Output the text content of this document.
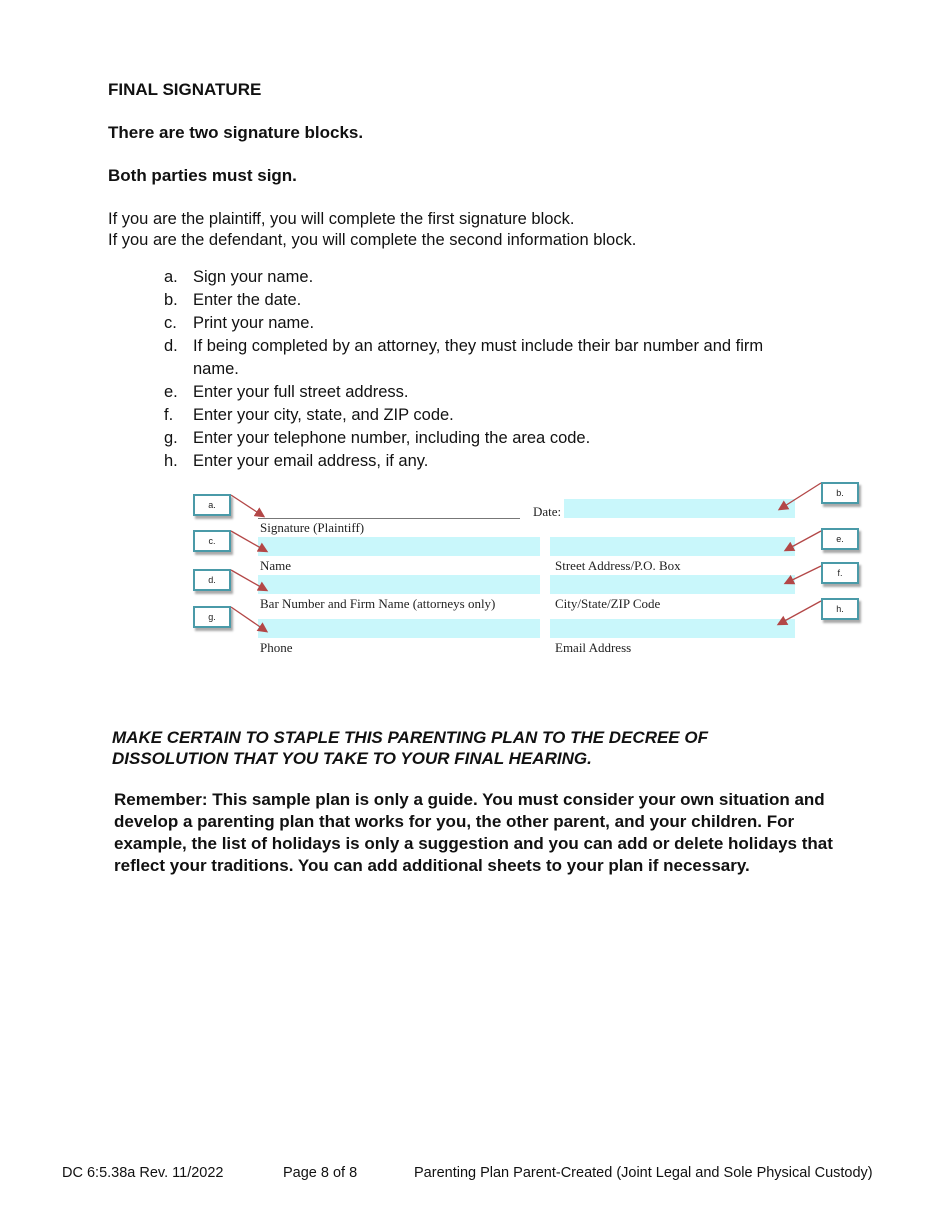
FINAL SIGNATURE
There are two signature blocks.
Both parties must sign.
If you are the plaintiff, you will complete the first signature block.
If you are the defendant, you will complete the second information block.
a. Sign your name.
b. Enter the date.
c. Print your name.
d. If being completed by an attorney, they must include their bar number and firm name.
e. Enter your full street address.
f.	Enter your city, state, and ZIP code.
g. Enter your telephone number, including the area code.
h. Enter your email address, if any.
Signature (Plaintiff)
Date:
Name	Street Address/P.O. Box
Bar Number and Firm Name (attorneys only)	City/State/ZIP Code
Phone	Email Address
a.
b.
c.
d.
e.
f.
g.
h.
MAKE CERTAIN TO STAPLE THIS PARENTING PLAN TO THE DECREE OF DISSOLUTION THAT YOU TAKE TO YOUR FINAL HEARING.
Remember: This sample plan is only a guide. You must consider your own situation and develop a parenting plan that works for you, the other parent, and your children. For example, the list of holidays is only a suggestion and you can add or delete holidays that reflect your traditions. You can add additional sheets to your plan if necessary.
DC 6:5.38a Rev. 11/2022	Page 8 of 8	Parenting Plan Parent-Created (Joint Legal and Sole Physical Custody)
